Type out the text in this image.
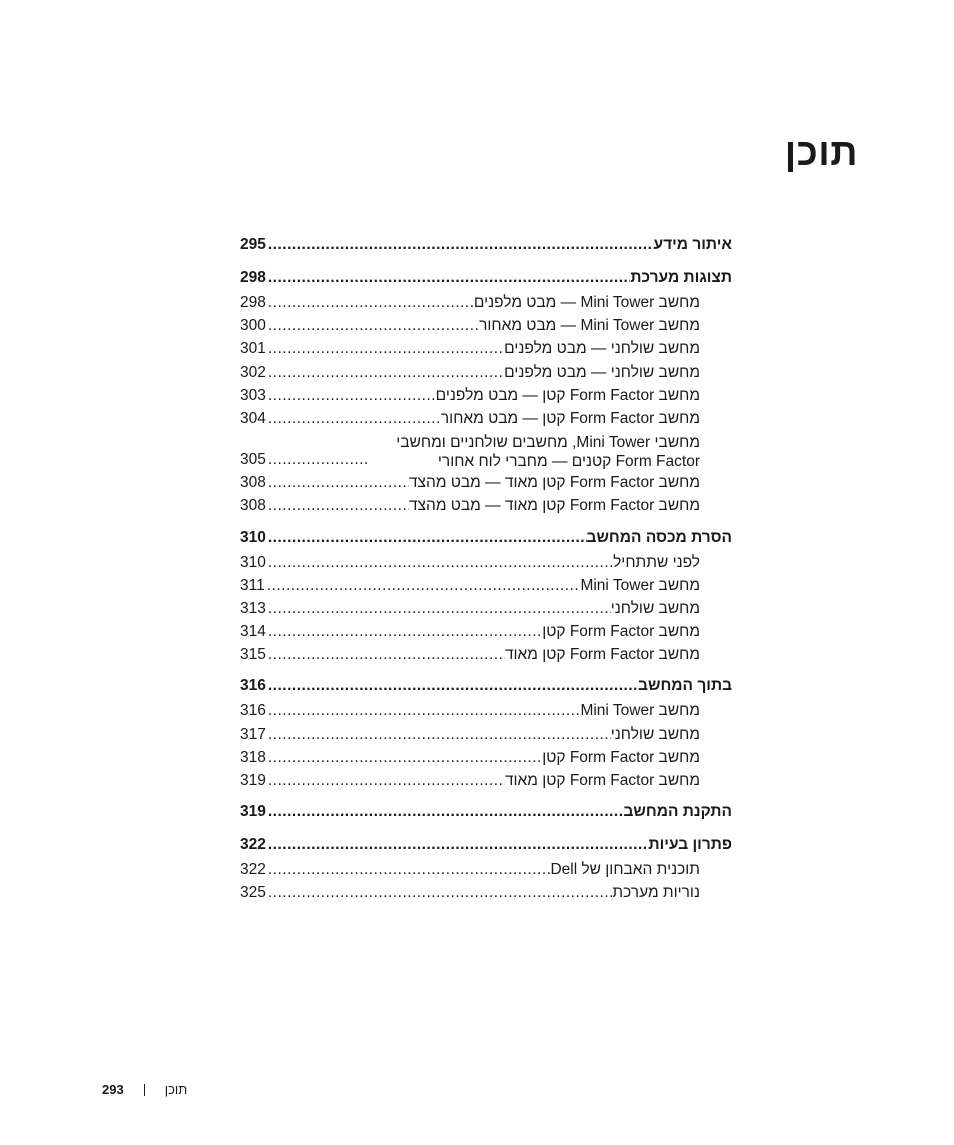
תוכן
איתור מידע
.....
295
תצוגות מערכת
.....
298
מחשב Mini Tower — מבט מלפנים
.....
298
מחשב Mini Tower — מבט מאחור
.....
300
מחשב שולחני — מבט מלפנים
.....
301
מחשב שולחני — מבט מלפנים
.....
302
מחשב Form Factor קטן — מבט מלפנים
.....
303
מחשב Form Factor קטן — מבט מאחור
.....
304
מחשבי Mini Tower, מחשבים שולחניים ומחשבי Form Factor קטנים — מחברי לוח אחורי
.....
305
מחשב Form Factor קטן מאוד — מבט מהצד
.....
308
מחשב Form Factor קטן מאוד — מבט מהצד
.....
308
הסרת מכסה המחשב
.....
310
לפני שתתחיל
.....
310
מחשב Mini Tower
.....
311
מחשב שולחני
.....
313
מחשב Form Factor קטן
.....
314
מחשב Form Factor קטן מאוד
.....
315
בתוך המחשב
.....
316
מחשב Mini Tower
.....
316
מחשב שולחני
.....
317
מחשב Form Factor קטן
.....
318
מחשב Form Factor קטן מאוד
.....
319
התקנת המחשב
.....
319
פתרון בעיות
.....
322
תוכנית האבחון של Dell
.....
322
נוריות מערכת
.....
325
293	תוכן
